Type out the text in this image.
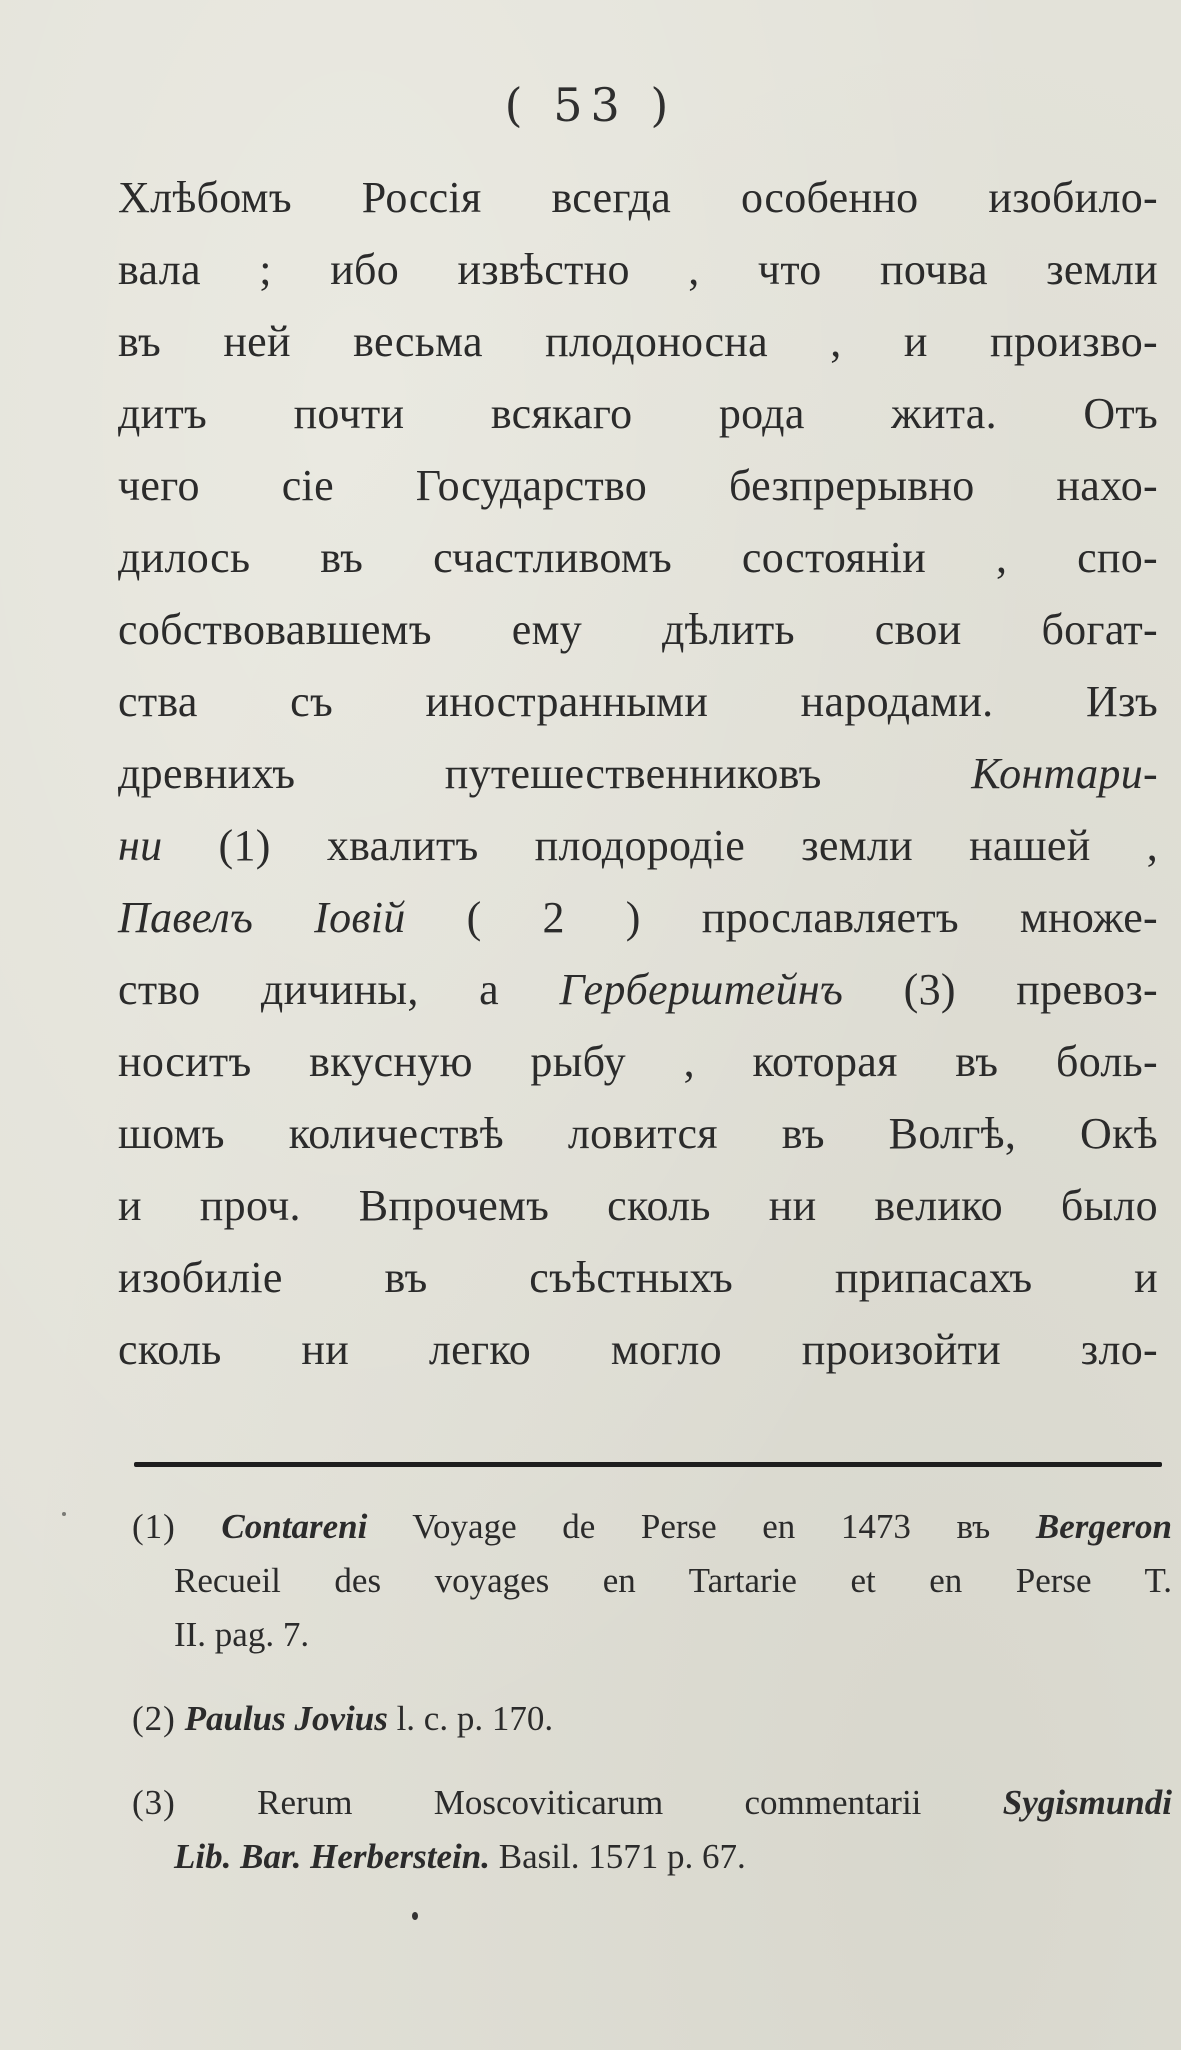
( 53 )
Хлѣбомъ Россія всегда особенно изобило-
вала ; ибо извѣстно , что почва земли
въ ней весьма плодоносна , и произво-
дитъ почти всякаго рода жита. Отъ
чего сіе Государство безпрерывно нахо-
дилось въ счастливомъ состояніи , спо-
собствовавшемъ ему дѣлить свои богат-
ства съ иностранными народами. Изъ
древнихъ путешественниковъ Контари-
ни (1) хвалитъ плодородіе земли нашей ,
Павелъ Іовій ( 2 ) прославляетъ множе-
ство дичины, а Герберштейнъ (3) превоз-
носитъ вкусную рыбу , которая въ боль-
шомъ количествѣ ловится въ Волгѣ, Окѣ
и проч. Впрочемъ сколь ни велико было
изобиліе въ съѣстныхъ припасахъ и
сколь ни легко могло произойти зло-
(1) Contareni Voyage de Perse en 1473 въ Bergeron
Recueil des voyages en Tartarie et en Perse T.
II. pag. 7.
(2) Paulus Jovius l. c. p. 170.
(3) Rerum Moscoviticarum commentarii Sygismundi
Lib. Bar. Herberstein. Basil. 1571 p. 67.
